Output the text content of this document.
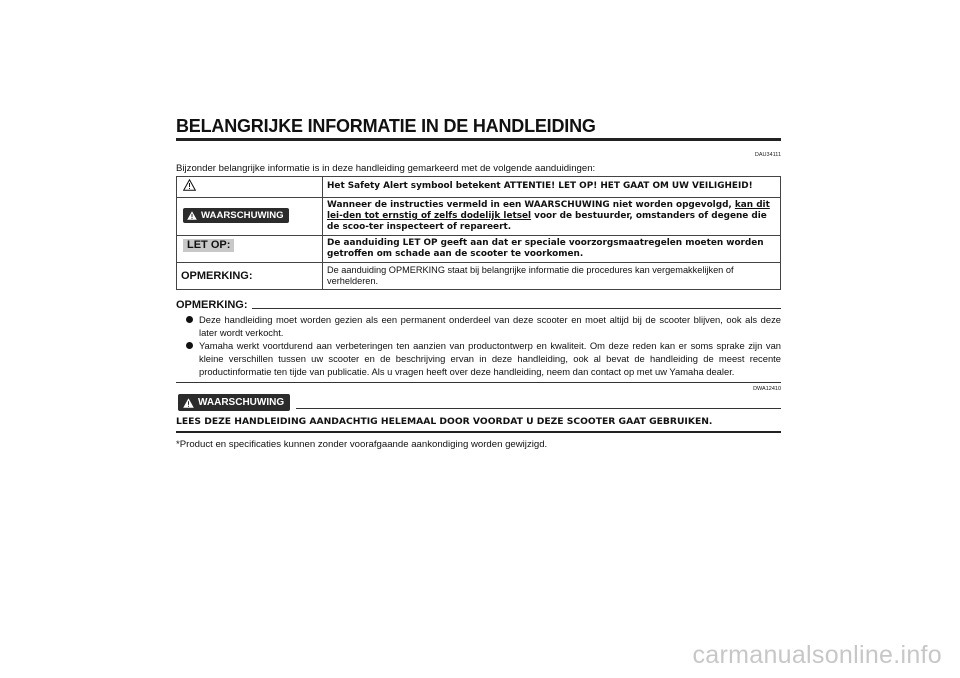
BELANGRIJKE INFORMATIE IN DE HANDLEIDING
DAU34111
Bijzonder belangrijke informatie is in deze handleiding gemarkeerd met de volgende aanduidingen:
	Het Safety Alert symbool betekent ATTENTIE! LET OP! HET GAAT OM UW VEILIGHEID!

WAARSCHUWING	Wanneer de instructies vermeld in een WAARSCHUWING niet worden opgevolgd, kan dit lei-den tot ernstig of zelfs dodelijk letsel voor de bestuurder, omstanders of degene die de scoo-ter inspecteert of repareert.
LET OP:	De aanduiding LET OP geeft aan dat er speciale voorzorgsmaatregelen moeten worden getroffen om schade aan de scooter te voorkomen.
OPMERKING:	De aanduiding OPMERKING staat bij belangrijke informatie die procedures kan vergemakkelijken of verhelderen.
OPMERKING:
Deze handleiding moet worden gezien als een permanent onderdeel van deze scooter en moet altijd bij de scooter blijven, ook als deze later wordt verkocht.
Yamaha werkt voortdurend aan verbeteringen ten aanzien van productontwerp en kwaliteit. Om deze reden kan er soms sprake zijn van kleine verschillen tussen uw scooter en de beschrijving ervan in deze handleiding, ook al bevat de handleiding de meest recente productinformatie ten tijde van publicatie. Als u vragen heeft over deze handleiding, neem dan contact op met uw Yamaha dealer.
DWA12410
WAARSCHUWING
LEES DEZE HANDLEIDING AANDACHTIG HELEMAAL DOOR VOORDAT U DEZE SCOOTER GAAT GEBRUIKEN.
*Product en specificaties kunnen zonder voorafgaande aankondiging worden gewijzigd.
carmanualsonline.info
